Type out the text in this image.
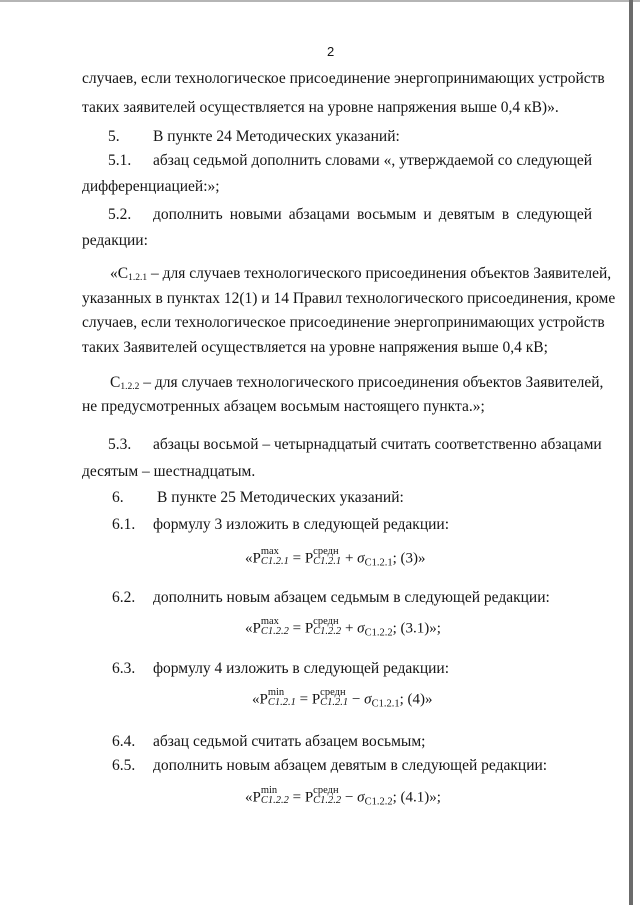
2
случаев, если технологическое присоединение энергопринимающих устройств
таких заявителей осуществляется на уровне напряжения выше 0,4 кВ)».
5. В пункте 24 Методических указаний:
5.1. абзац седьмой дополнить словами «, утверждаемой со следующей
дифференциацией:»;
5.2. дополнить новыми абзацами восьмым и девятым в следующей
редакции:
«$С_{1.2.1}$ – для случаев технологического присоединения объектов Заявителей,
указанных в пунктах 12(1) и 14 Правил технологического присоединения, кроме
случаев, если технологическое присоединение энергопринимающих устройств
таких Заявителей осуществляется на уровне напряжения выше 0,4 кВ;
$С_{1.2.2}$ – для случаев технологического присоединения объектов Заявителей,
не предусмотренных абзацем восьмым настоящего пункта.»;
5.3. абзацы восьмой – четырнадцатый считать соответственно абзацами
десятым – шестнадцатым.
6. В пункте 25 Методических указаний:
6.1. формулу 3 изложить в следующей редакции:
«P max
C1.2.1 = P средн
$C1.2.1 + \sigma_{C1.2.1}$; (3)»
6.2. дополнить новым абзацем седьмым в следующей редакции:
«P max
C1.2.2 = P средн
$C1.2.2 + \sigma_{C1.2.2}$; (3.1)»;
6.3. формулу 4 изложить в следующей редакции:
«P min
C1.2.1 = P средн
$C1.2.1 - \sigma_{C1.2.1}$; (4)»
6.4. абзац седьмой считать абзацем восьмым;
6.5. дополнить новым абзацем девятым в следующей редакции:
«P min
C1.2.2 = P средн
$C1.2.2 - \sigma_{C1.2.2}$; (4.1)»;
